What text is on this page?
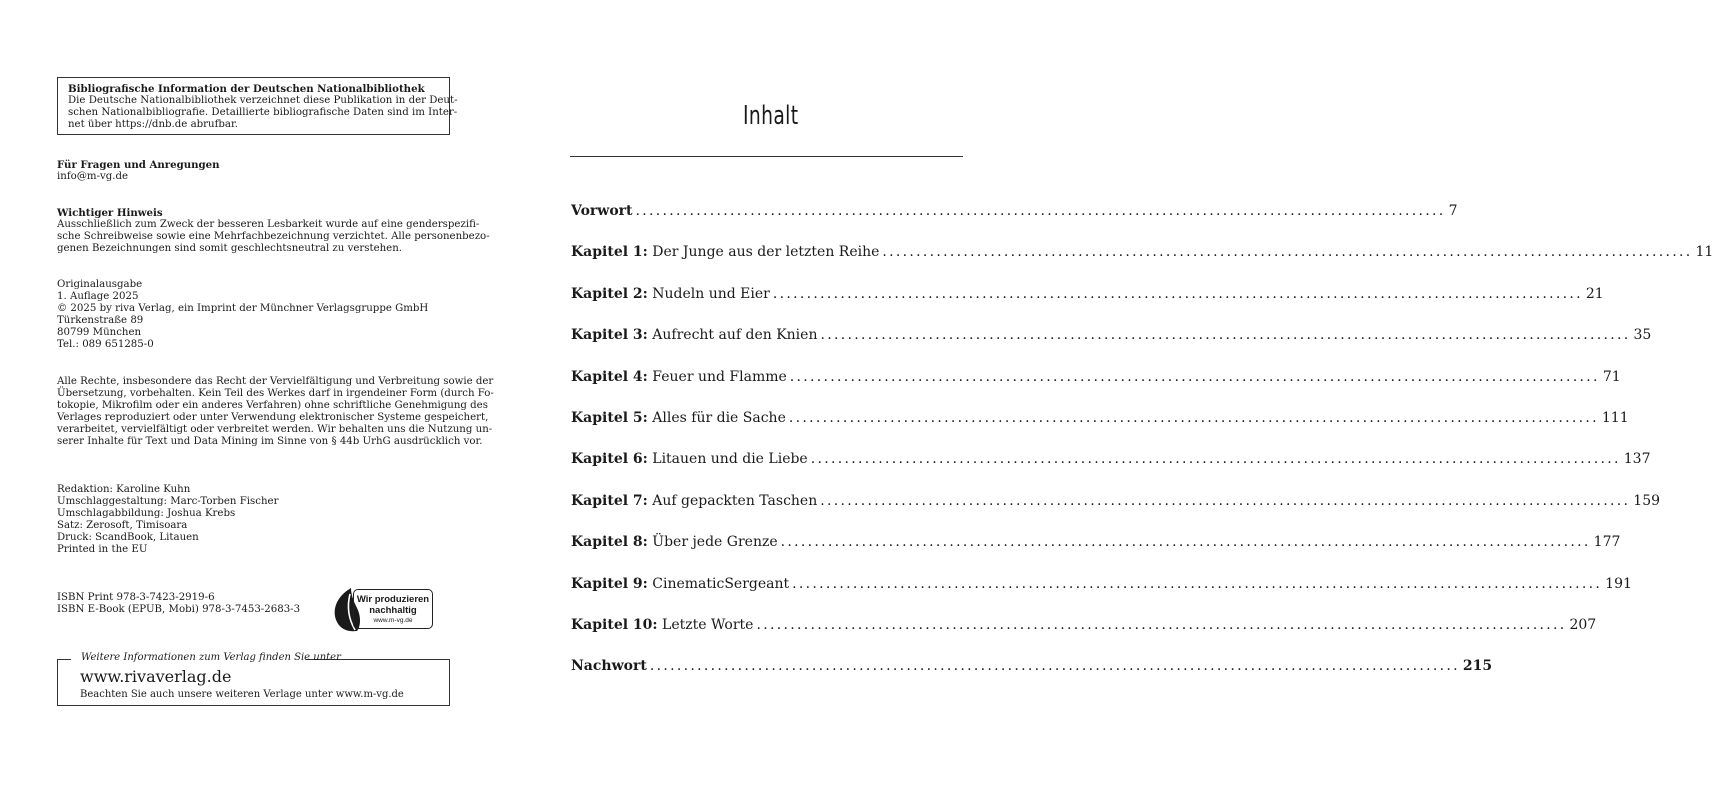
Bibliografische Information der Deutschen Nationalbibliothek
Die Deutsche Nationalbibliothek verzeichnet diese Publikation in der Deut-
schen Nationalbibliografie. Detaillierte bibliografische Daten sind im Inter-
net über https://dnb.de abrufbar.
Für Fragen und Anregungen
info@m-vg.de
Wichtiger Hinweis
Ausschließlich zum Zweck der besseren Lesbarkeit wurde auf eine genderspezifi-
sche Schreibweise sowie eine Mehrfachbezeichnung verzichtet. Alle personenbezo-
genen Bezeichnungen sind somit geschlechtsneutral zu verstehen.
Originalausgabe
1. Auflage 2025
© 2025 by riva Verlag, ein Imprint der Münchner Verlagsgruppe GmbH
Türkenstraße 89
80799 München
Tel.: 089 651285-0
Alle Rechte, insbesondere das Recht der Vervielfältigung und Verbreitung sowie der
Übersetzung, vorbehalten. Kein Teil des Werkes darf in irgendeiner Form (durch Fo-
tokopie, Mikrofilm oder ein anderes Verfahren) ohne schriftliche Genehmigung des
Verlages reproduziert oder unter Verwendung elektronischer Systeme gespeichert,
verarbeitet, vervielfältigt oder verbreitet werden. Wir behalten uns die Nutzung un-
serer Inhalte für Text und Data Mining im Sinne von § 44b UrhG ausdrücklich vor.
Redaktion: Karoline Kuhn
Umschlaggestaltung: Marc-Torben Fischer
Umschlagabbildung: Joshua Krebs
Satz: Zerosoft, Timisoara
Druck: ScandBook, Litauen
Printed in the EU
ISBN Print 978-3-7423-2919-6
ISBN E-Book (EPUB, Mobi) 978-3-7453-2683-3
Wir produzieren
nachhaltig
www.m-vg.de
Weitere Informationen zum Verlag finden Sie unter
www.rivaverlag.de
Beachten Sie auch unsere weiteren Verlage unter www.m-vg.de
Inhalt
Vorwort ........................................................................................................................ 7
Kapitel 1: Der Junge aus der letzten Reihe ........................................................................................................................ 11
Kapitel 2: Nudeln und Eier ........................................................................................................................ 21
Kapitel 3: Aufrecht auf den Knien ........................................................................................................................ 35
Kapitel 4: Feuer und Flamme ........................................................................................................................ 71
Kapitel 5: Alles für die Sache ........................................................................................................................ 111
Kapitel 6: Litauen und die Liebe ........................................................................................................................ 137
Kapitel 7: Auf gepackten Taschen ........................................................................................................................ 159
Kapitel 8: Über jede Grenze ........................................................................................................................ 177
Kapitel 9: CinematicSergeant ........................................................................................................................ 191
Kapitel 10: Letzte Worte ........................................................................................................................ 207
Nachwort ........................................................................................................................ 215
